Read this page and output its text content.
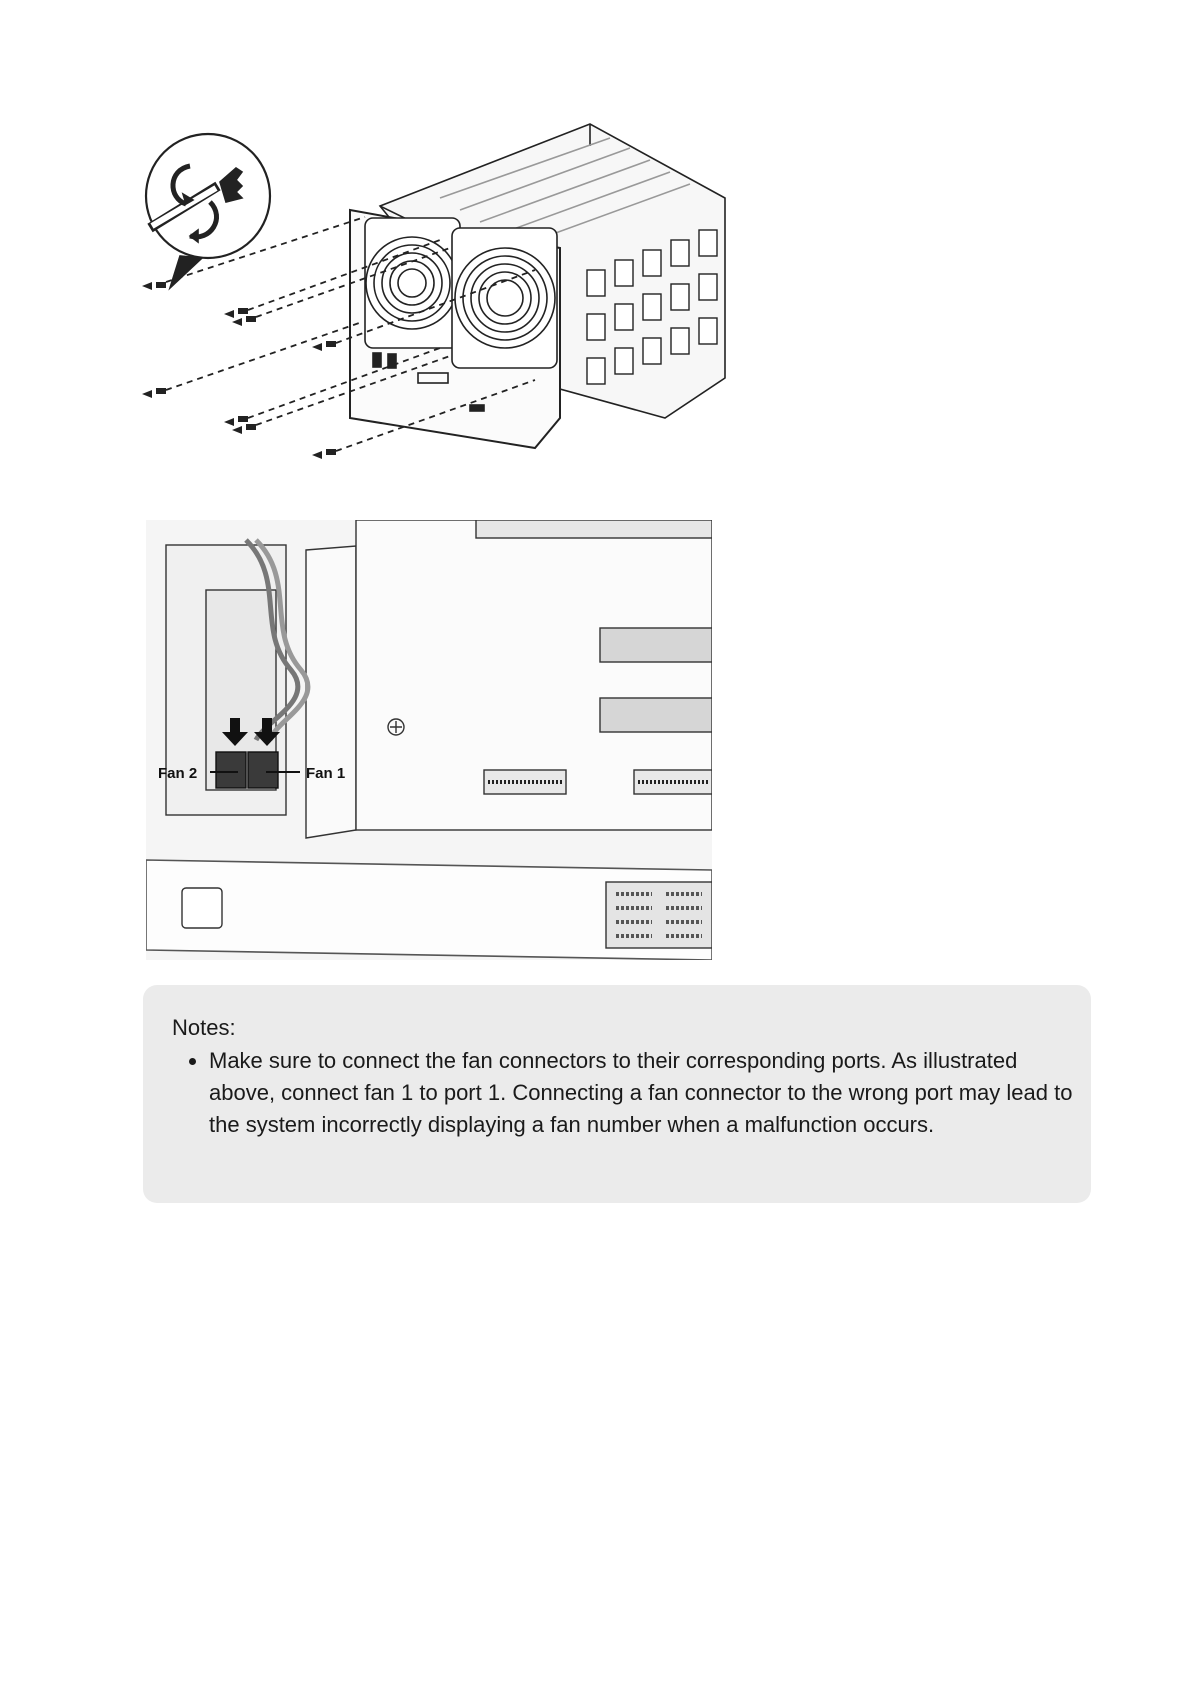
Fan 2	Fan 1
Notes:
• Make sure to connect the fan connectors to their corresponding ports. As illustrated above, connect fan 1 to port 1. Connecting a fan connector to the wrong port may lead to the system incorrectly displaying a fan number when a malfunction occurs.
